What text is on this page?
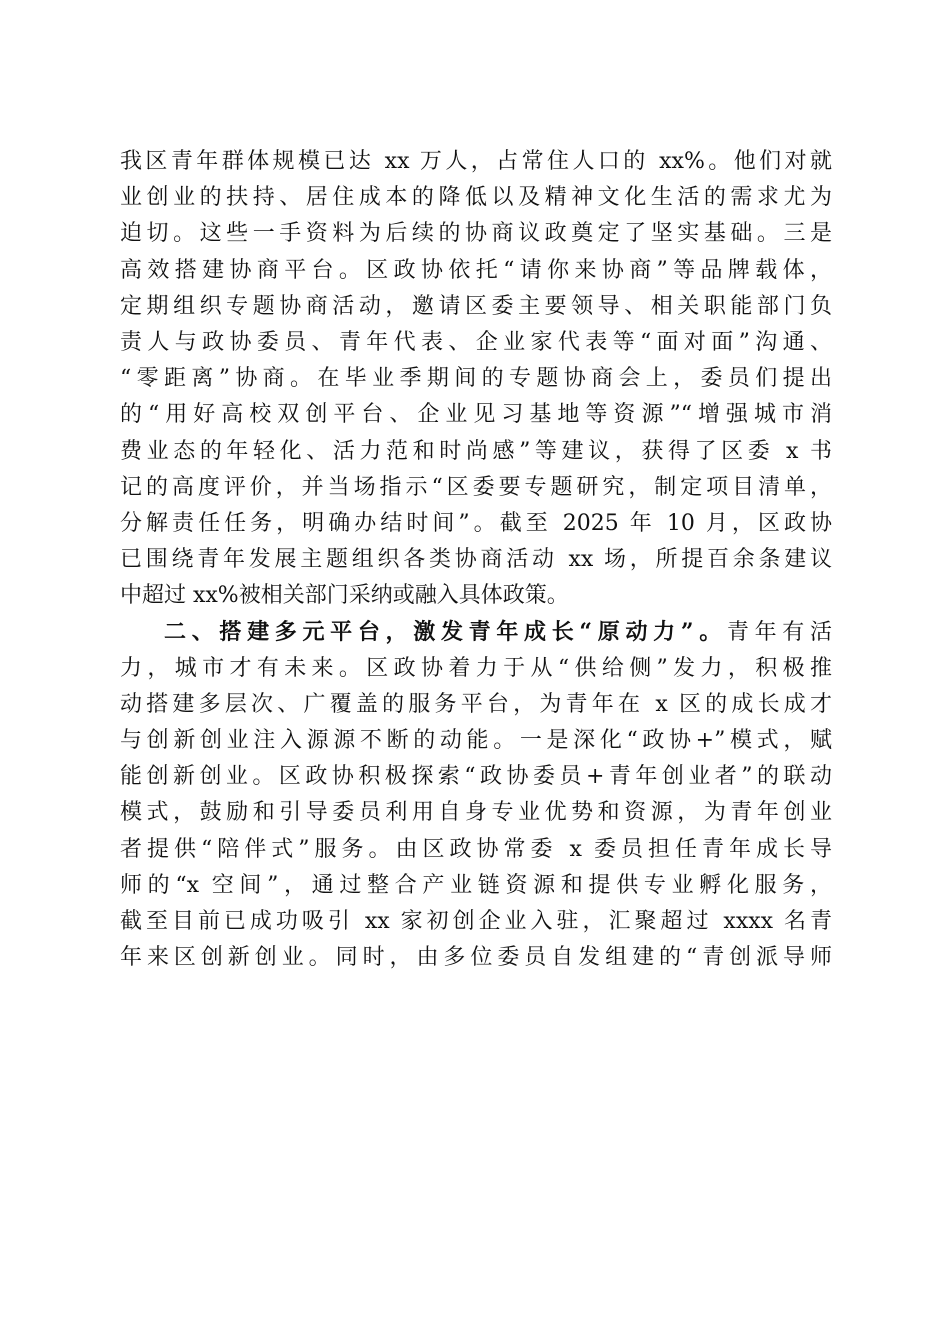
我区青年群体规模已达 xx 万人，占常住人口的 xx%。他们对就
业创业的扶持、居住成本的降低以及精神文化生活的需求尤为
迫切。这些一手资料为后续的协商议政奠定了坚实基础。三是
高效搭建协商平台。区政协依托“请你来协商”等品牌载体，
定期组织专题协商活动，邀请区委主要领导、相关职能部门负
责人与政协委员、青年代表、企业家代表等“面对面”沟通、
“零距离”协商。在毕业季期间的专题协商会上，委员们提出
的“用好高校双创平台、企业见习基地等资源”“增强城市消
费业态的年轻化、活力范和时尚感”等建议，获得了区委 x 书
记的高度评价，并当场指示“区委要专题研究，制定项目清单，
分解责任任务，明确办结时间”。截至 2025 年 10 月，区政协
已围绕青年发展主题组织各类协商活动 xx 场，所提百余条建议
中超过 xx%被相关部门采纳或融入具体政策。
二、搭建多元平台，激发青年成长“原动力”。青年有活
力，城市才有未来。区政协着力于从“供给侧”发力，积极推
动搭建多层次、广覆盖的服务平台，为青年在 x 区的成长成才
与创新创业注入源源不断的动能。一是深化“政协+”模式，赋
能创新创业。区政协积极探索“政协委员+青年创业者”的联动
模式，鼓励和引导委员利用自身专业优势和资源，为青年创业
者提供“陪伴式”服务。由区政协常委 x 委员担任青年成长导
师的“x 空间”，通过整合产业链资源和提供专业孵化服务，
截至目前已成功吸引 xx 家初创企业入驻，汇聚超过 xxxx 名青
年来区创新创业。同时，由多位委员自发组建的“青创派导师
